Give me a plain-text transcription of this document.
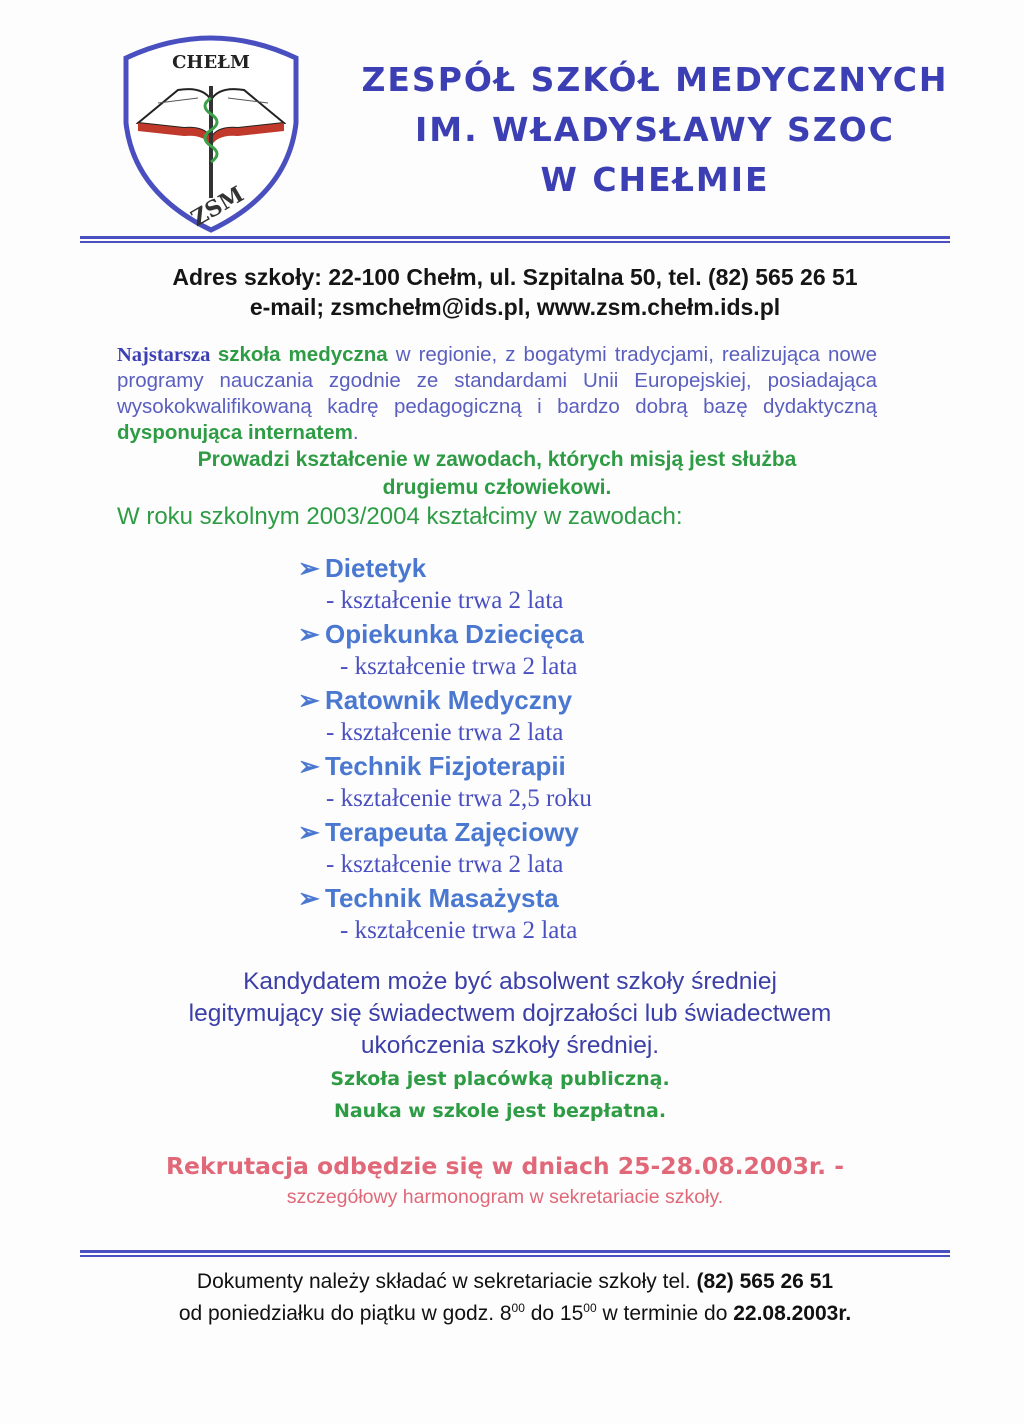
CHEŁM
ZSM
ZESPÓŁ SZKÓŁ MEDYCZNYCH
IM. WŁADYSŁAWY SZOC
W CHEŁMIE
Adres szkoły: 22-100 Chełm, ul. Szpitalna 50, tel. (82) 565 26 51
e-mail; zsmchełm@ids.pl, www.zsm.chełm.ids.pl
Najstarsza szkoła medyczna w regionie, z bogatymi tradycjami, realizująca nowe programy nauczania zgodnie ze standardami Unii Europejskiej, posiadająca wysokokwalifikowaną kadrę pedagogiczną i bardzo dobrą bazę dydaktyczną dysponująca internatem.
Prowadzi kształcenie w zawodach, których misją jest służba
drugiemu człowiekowi.
W roku szkolnym 2003/2004 kształcimy w zawodach:
➢ Dietetyk
- kształcenie trwa 2 lata
➢ Opiekunka Dziecięca
- kształcenie trwa 2 lata
➢ Ratownik Medyczny
- kształcenie trwa 2 lata
➢ Technik Fizjoterapii
- kształcenie trwa 2,5 roku
➢ Terapeuta Zajęciowy
- kształcenie trwa 2 lata
➢ Technik Masażysta
- kształcenie trwa 2 lata
Kandydatem może być absolwent szkoły średniej
legitymujący się świadectwem dojrzałości lub świadectwem
ukończenia szkoły średniej.
Szkoła jest placówką publiczną.
Nauka w szkole jest bezpłatna.
Rekrutacja odbędzie się w dniach 25-28.08.2003r. -
szczegółowy harmonogram w sekretariacie szkoły.
Dokumenty należy składać w sekretariacie szkoły tel. (82) 565 26 51
od poniedziałku do piątku w godz. $8^{00}$ do $15^{00}$ w terminie do 22.08.2003r.
